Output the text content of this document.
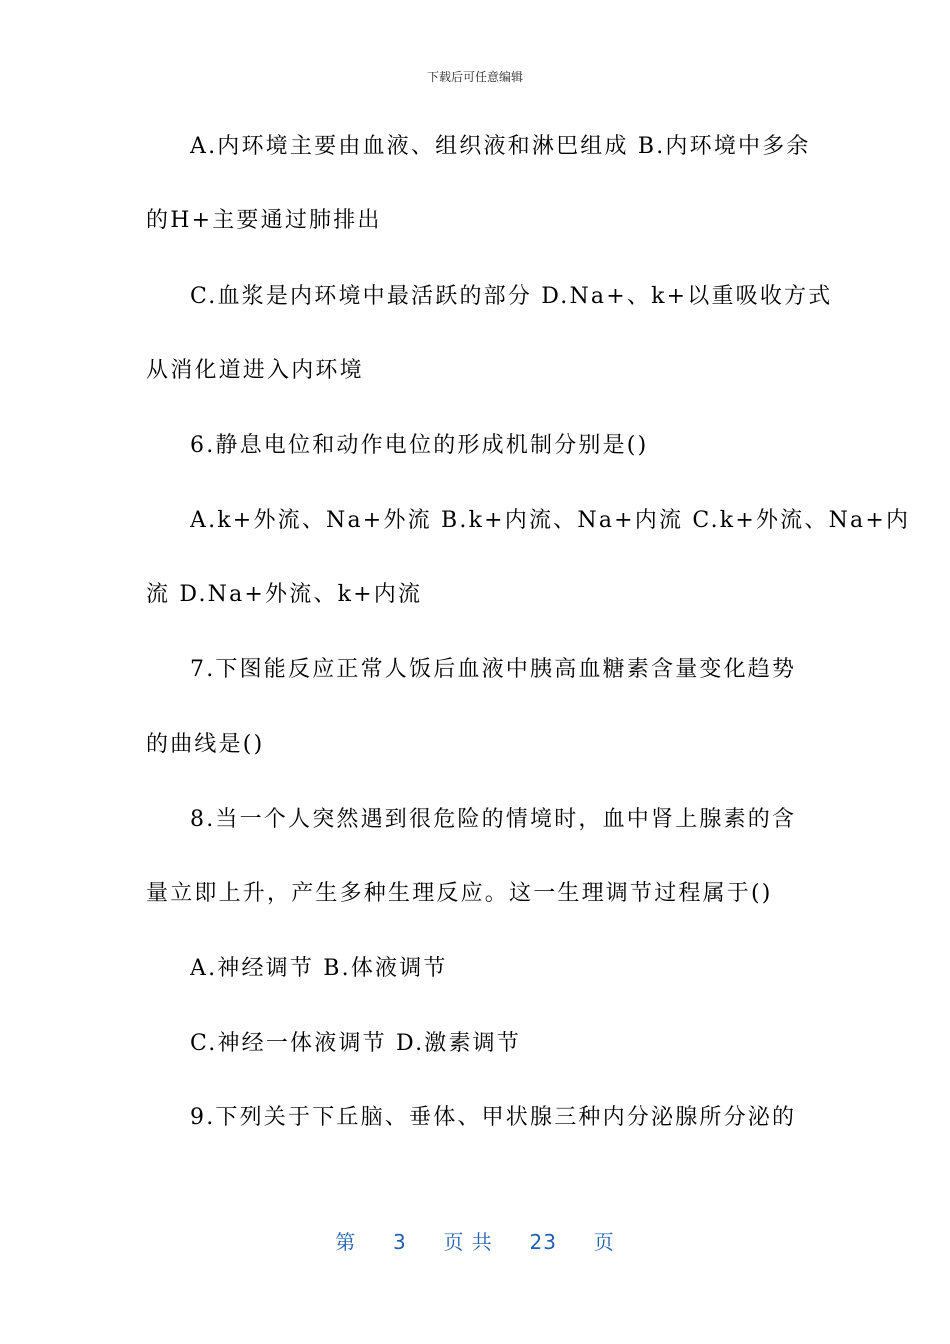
下载后可任意编辑
A.内环境主要由血液、组织液和淋巴组成 B.内环境中多余
的H+主要通过肺排出
C.血浆是内环境中最活跃的部分 D.Na+、k+以重吸收方式
从消化道进入内环境
6.静息电位和动作电位的形成机制分别是()
A.k+外流、Na+外流 B.k+内流、Na+内流 C.k+外流、Na+内
流 D.Na+外流、k+内流
7.下图能反应正常人饭后血液中胰高血糖素含量变化趋势
的曲线是()
8.当一个人突然遇到很危险的情境时，血中肾上腺素的含
量立即上升，产生多种生理反应。这一生理调节过程属于()
A.神经调节 B.体液调节
C.神经一体液调节 D.激素调节
9.下列关于下丘脑、垂体、甲状腺三种内分泌腺所分泌的
第 3 页 共 23 页
